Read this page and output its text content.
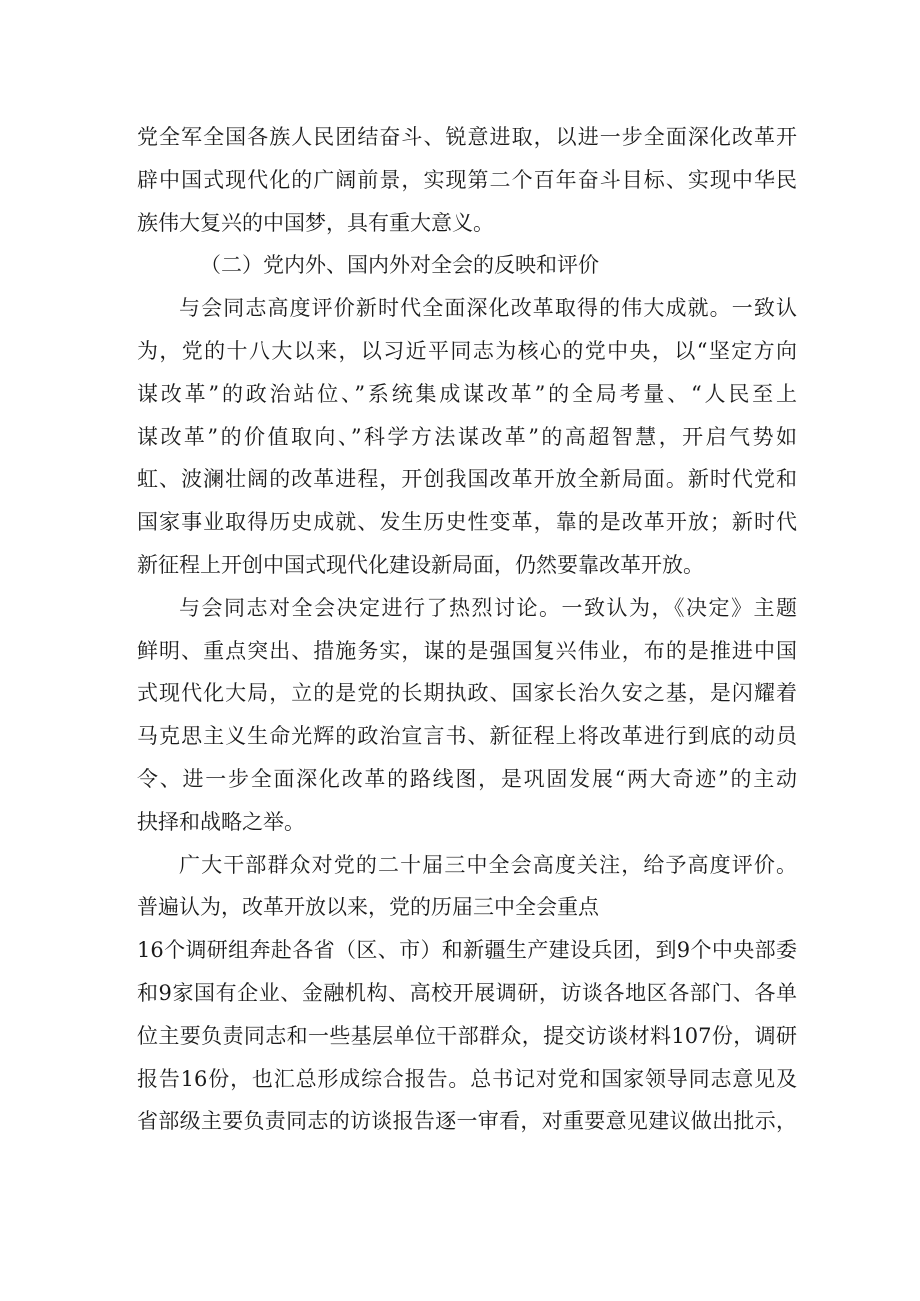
党全军全国各族人民团结奋斗、锐意进取，以进一步全面深化改革开
辟中国式现代化的广阔前景，实现第二个百年奋斗目标、实现中华民
族伟大复兴的中国梦，具有重大意义。
（二）党内外、国内外对全会的反映和评价
与会同志高度评价新时代全面深化改革取得的伟大成就。一致认
为，党的十八大以来，以习近平同志为核心的党中央，以“坚定方向
谋改革”的政治站位、”系统集成谋改革”的全局考量、“人民至上
谋改革”的价值取向、”科学方法谋改革”的高超智慧，开启气势如
虹、波澜壮阔的改革进程，开创我国改革开放全新局面。新时代党和
国家事业取得历史成就、发生历史性变革，靠的是改革开放；新时代
新征程上开创中国式现代化建设新局面，仍然要靠改革开放。
与会同志对全会决定进行了热烈讨论。一致认为，《决定》主题
鲜明、重点突出、措施务实，谋的是强国复兴伟业，布的是推进中国
式现代化大局，立的是党的长期执政、国家长治久安之基，是闪耀着
马克思主义生命光辉的政治宣言书、新征程上将改革进行到底的动员
令、进一步全面深化改革的路线图，是巩固发展“两大奇迹”的主动
抉择和战略之举。
广大干部群众对党的二十届三中全会高度关注，给予高度评价。
普遍认为，改革开放以来，党的历届三中全会重点
16个调研组奔赴各省（区、市）和新疆生产建设兵团，到9个中央部委
和9家国有企业、金融机构、高校开展调研，访谈各地区各部门、各单
位主要负责同志和一些基层单位干部群众，提交访谈材料107份，调研
报告16份，也汇总形成综合报告。总书记对党和国家领导同志意见及
省部级主要负责同志的访谈报告逐一审看，对重要意见建议做出批示，
